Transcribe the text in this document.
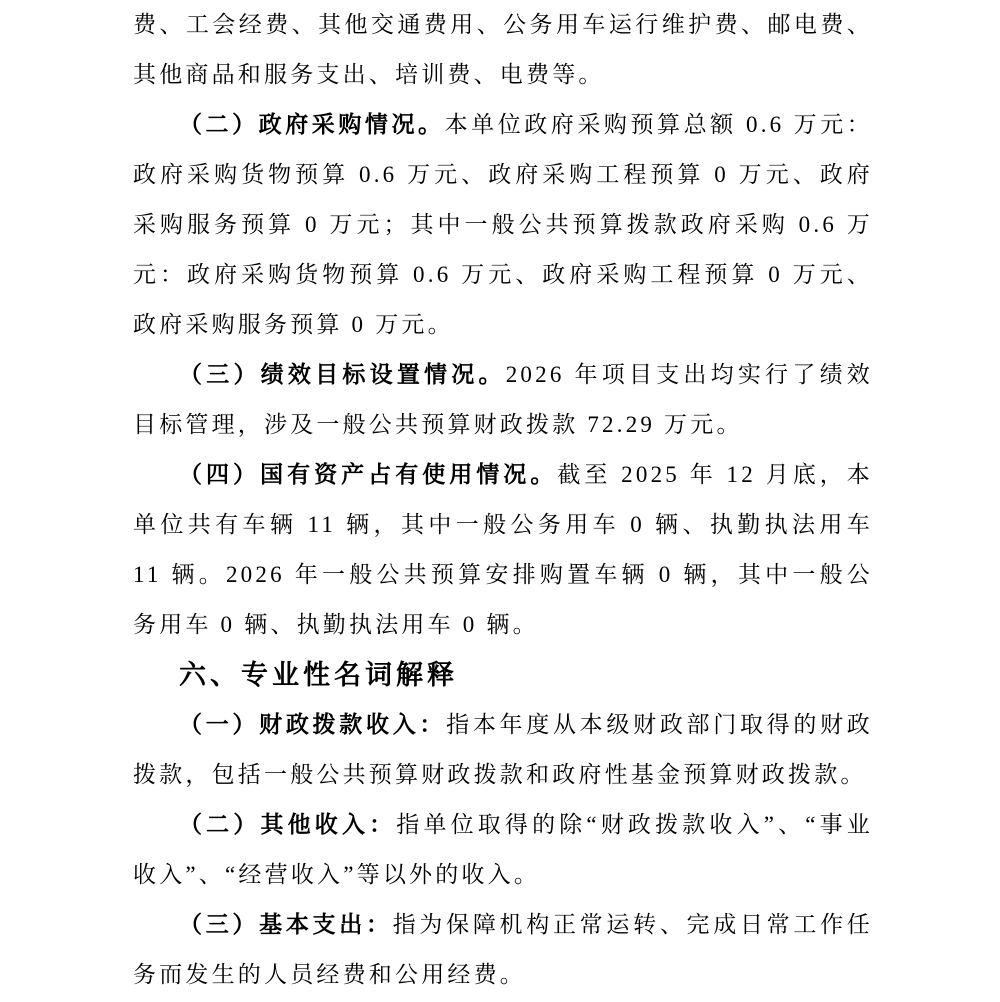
费、工会经费、其他交通费用、公务用车运行维护费、邮电费、其他商品和服务支出、培训费、电费等。

（二）政府采购情况。本单位政府采购预算总额 0.6 万元：政府采购货物预算 0.6 万元、政府采购工程预算 0 万元、政府采购服务预算 0 万元；其中一般公共预算拨款政府采购 0.6 万元：政府采购货物预算 0.6 万元、政府采购工程预算 0 万元、政府采购服务预算 0 万元。

（三）绩效目标设置情况。2026 年项目支出均实行了绩效目标管理，涉及一般公共预算财政拨款 72.29 万元。

（四）国有资产占有使用情况。截至 2025 年 12 月底，本单位共有车辆 11 辆，其中一般公务用车 0 辆、执勤执法用车 11 辆。2026 年一般公共预算安排购置车辆 0 辆，其中一般公务用车 0 辆、执勤执法用车 0 辆。

六、专业性名词解释

（一）财政拨款收入：指本年度从本级财政部门取得的财政拨款，包括一般公共预算财政拨款和政府性基金预算财政拨款。

（二）其他收入：指单位取得的除“财政拨款收入”、“事业收入”、“经营收入”等以外的收入。

（三）基本支出：指为保障机构正常运转、完成日常工作任务而发生的人员经费和公用经费。
